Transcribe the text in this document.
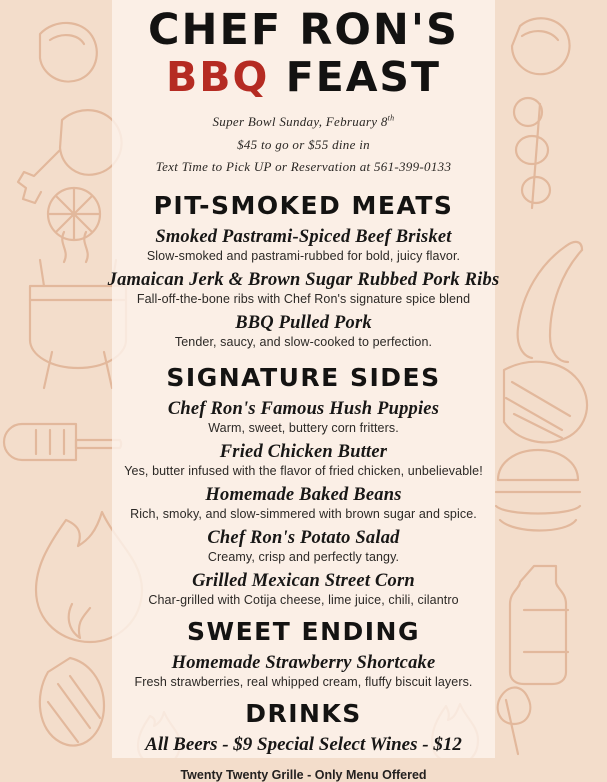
CHEF RON'S
BBQ FEAST
Super Bowl Sunday, February 8th
$45 to go or $55 dine in
Text Time to Pick UP or Reservation at 561-399-0133
PIT-SMOKED MEATS
Smoked Pastrami-Spiced Beef Brisket
Slow-smoked and pastrami-rubbed for bold, juicy flavor.
Jamaican Jerk & Brown Sugar Rubbed Pork Ribs
Fall-off-the-bone ribs with Chef Ron's signature spice blend
BBQ Pulled Pork
Tender, saucy, and slow-cooked to perfection.
SIGNATURE SIDES
Chef Ron's Famous Hush Puppies
Warm, sweet, buttery corn fritters.
Fried Chicken Butter
Yes, butter infused with the flavor of fried chicken, unbelievable!
Homemade Baked Beans
Rich, smoky, and slow-simmered with brown sugar and spice.
Chef Ron's Potato Salad
Creamy, crisp and perfectly tangy.
Grilled Mexican Street Corn
Char-grilled with Cotija cheese, lime juice, chili, cilantro
SWEET ENDING
Homemade Strawberry Shortcake
Fresh strawberries, real whipped cream, fluffy biscuit layers.
DRINKS
All Beers - $9 Special Select Wines - $12
Twenty Twenty Grille - Only Menu Offered
